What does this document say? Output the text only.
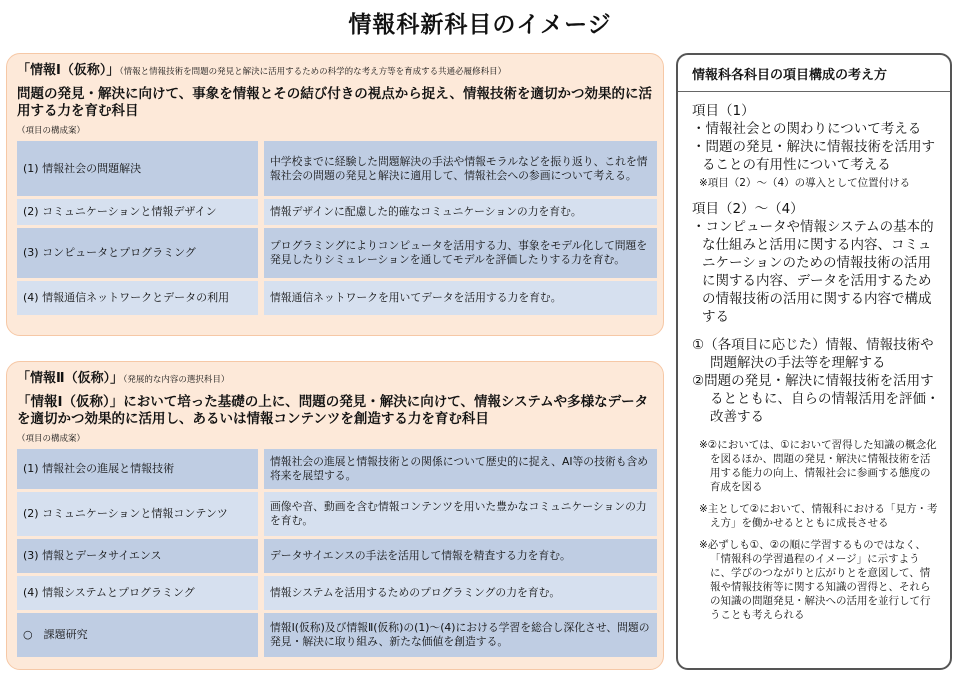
情報科新科目のイメージ
「情報Ⅰ（仮称）」（情報と情報技術を問題の発見と解決に活用するための科学的な考え方等を育成する共通必履修科目）
問題の発見・解決に向けて、事象を情報とその結び付きの視点から捉え、情報技術を適切かつ効果的に活用する力を育む科目
（項目の構成案）
(1) 情報社会の問題解決	中学校までに経験した問題解決の手法や情報モラルなどを振り返り、これを情報社会の問題の発見と解決に適用して、情報社会への参画について考える。
(2) コミュニケーションと情報デザイン	情報デザインに配慮した的確なコミュニケーションの力を育む。
(3) コンピュータとプログラミング	プログラミングによりコンピュータを活用する力、事象をモデル化して問題を発見したりシミュレーションを通してモデルを評価したりする力を育む。
(4) 情報通信ネットワークとデータの利用	情報通信ネットワークを用いてデータを活用する力を育む。
「情報Ⅱ（仮称）」（発展的な内容の選択科目）
「情報Ⅰ（仮称）」において培った基礎の上に、問題の発見・解決に向けて、情報システムや多様なデータを適切かつ効果的に活用し、あるいは情報コンテンツを創造する力を育む科目
（項目の構成案）
(1) 情報社会の進展と情報技術	情報社会の進展と情報技術との関係について歴史的に捉え、AI等の技術も含め将来を展望する。
(2) コミュニケーションと情報コンテンツ	画像や音、動画を含む情報コンテンツを用いた豊かなコミュニケーションの力を育む。
(3) 情報とデータサイエンス	データサイエンスの手法を活用して情報を精査する力を育む。
(4) 情報システムとプログラミング	情報システムを活用するためのプログラミングの力を育む。
○　課題研究	情報Ⅰ(仮称)及び情報Ⅱ(仮称)の(1)～(4)における学習を総合し深化させ、問題の発見・解決に取り組み、新たな価値を創造する。
情報科各科目の項目構成の考え方
項目（1）
・情報社会との関わりについて考える
・問題の発見・解決に情報技術を活用することの有用性について考える
※項目（2）～（4）の導入として位置付ける
項目（2）～（4）
・コンピュータや情報システムの基本的な仕組みと活用に関する内容、コミュニケーションのための情報技術の活用に関する内容、データを活用するための情報技術の活用に関する内容で構成する
①（各項目に応じた）情報、情報技術や問題解決の手法等を理解する
②問題の発見・解決に情報技術を活用するとともに、自らの情報活用を評価・改善する
※②においては、①において習得した知識の概念化を図るほか、問題の発見・解決に情報技術を活用する能力の向上、情報社会に参画する態度の育成を図る
※主として②において、情報科における「見方・考え方」を働かせるとともに成長させる
※必ずしも①、②の順に学習するものではなく、「情報科の学習過程のイメージ」に示すように、学びのつながりと広がりとを意図して、情報や情報技術等に関する知識の習得と、それらの知識の問題発見・解決への活用を並行して行うことも考えられる
